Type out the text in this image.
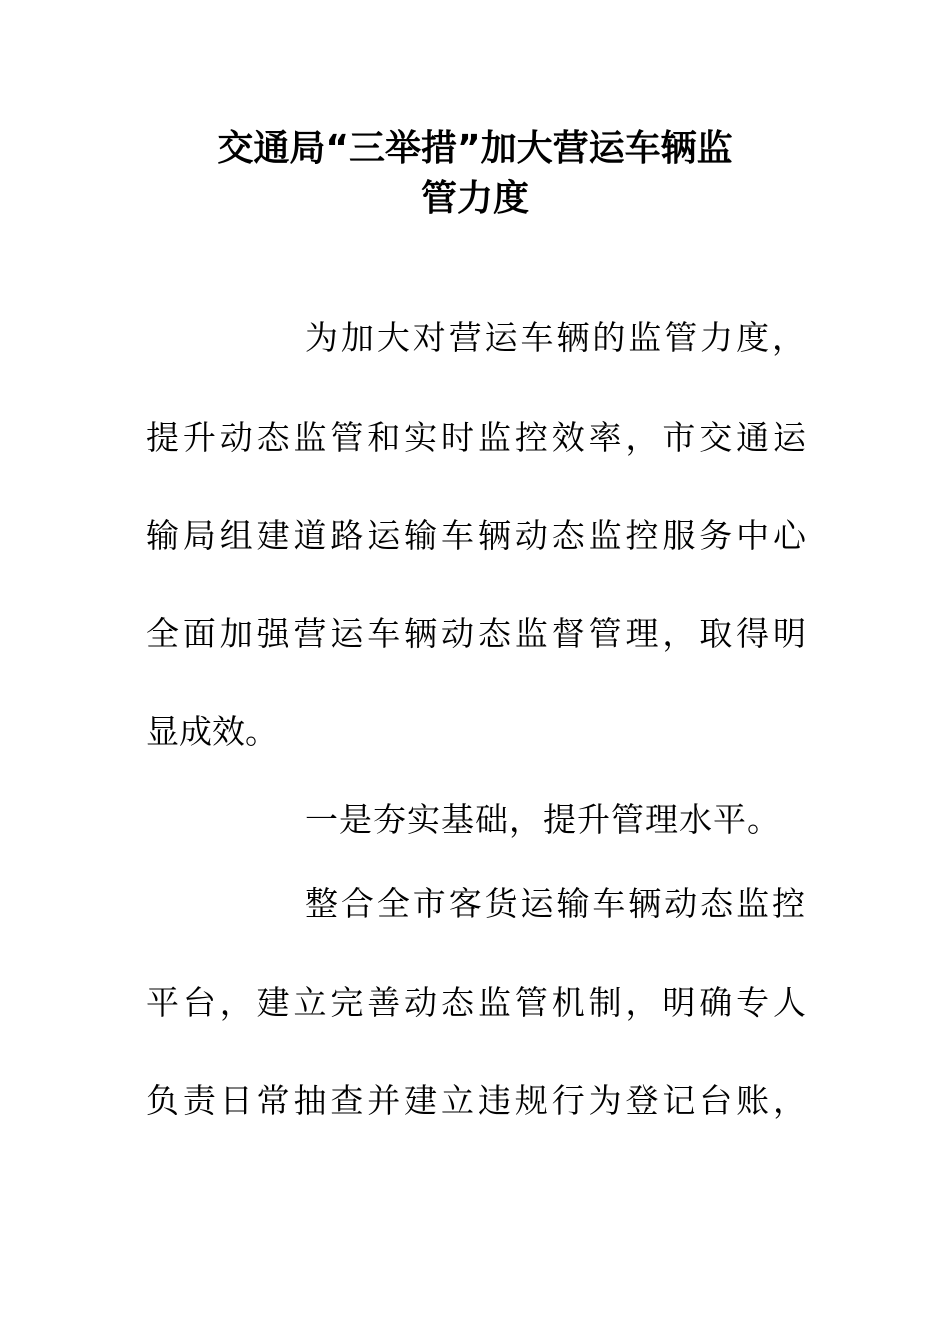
交通局“三举措”加大营运车辆监
管力度
为加大对营运车辆的监管力度，
提升动态监管和实时监控效率，市交通运
输局组建道路运输车辆动态监控服务中心
全面加强营运车辆动态监督管理，取得明
显成效。
一是夯实基础，提升管理水平。
整合全市客货运输车辆动态监控
平台，建立完善动态监管机制，明确专人
负责日常抽查并建立违规行为登记台账，
